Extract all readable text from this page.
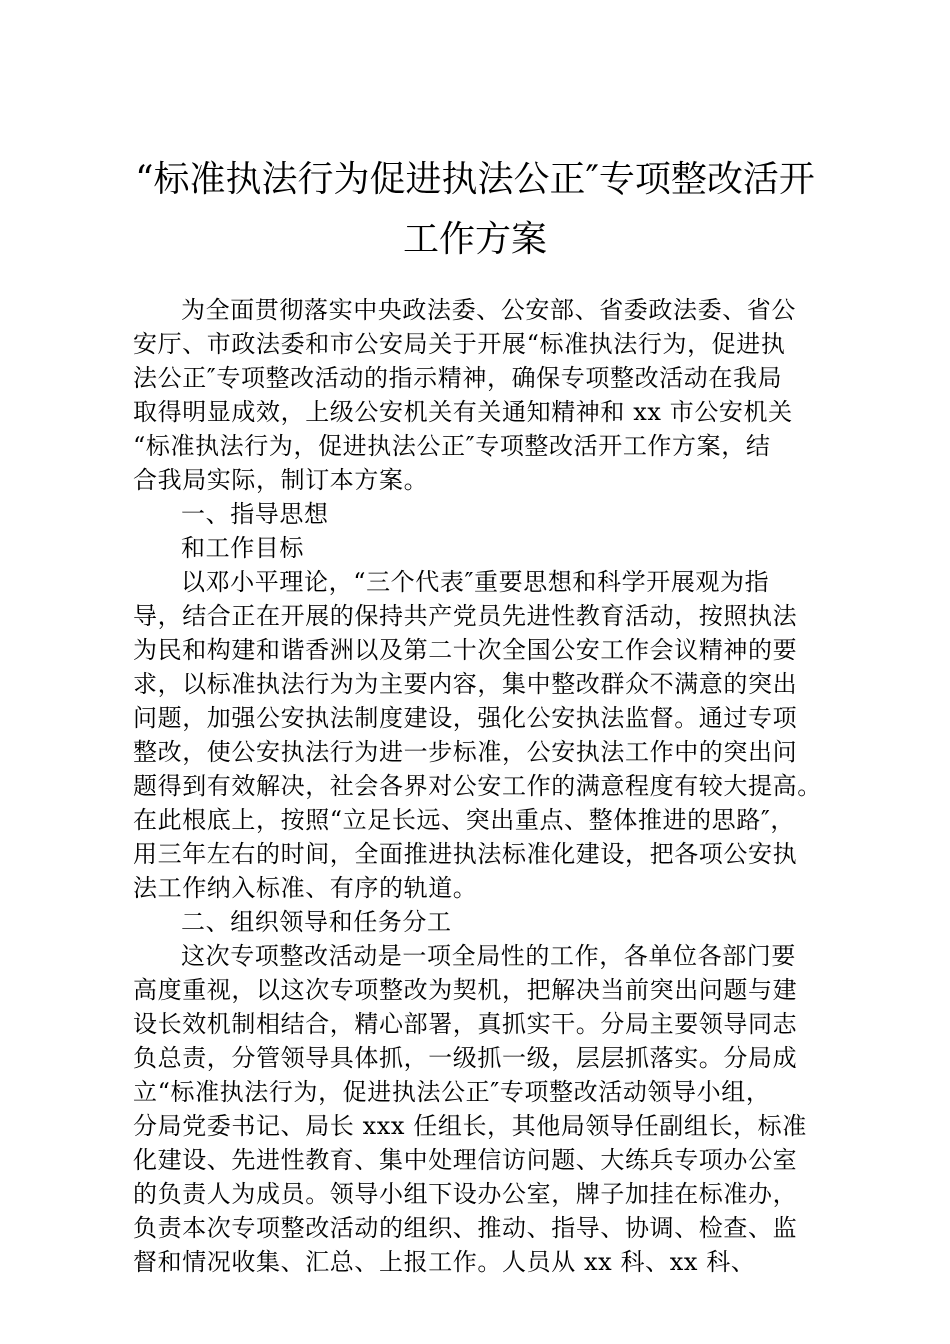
“标准执法行为促进执法公正″专项整改活开
工作方案
为全面贯彻落实中央政法委、公安部、省委政法委、省公
安厅、市政法委和市公安局关于开展“标准执法行为，促进执
法公正″专项整改活动的指示精神，确保专项整改活动在我局
取得明显成效，上级公安机关有关通知精神和 xx 市公安机关
“标准执法行为，促进执法公正″专项整改活开工作方案，结
合我局实际，制订本方案。
一、指导思想
和工作目标
以邓小平理论，“三个代表″重要思想和科学开展观为指
导，结合正在开展的保持共产党员先进性教育活动，按照执法
为民和构建和谐香洲以及第二十次全国公安工作会议精神的要
求，以标准执法行为为主要内容，集中整改群众不满意的突出
问题，加强公安执法制度建设，强化公安执法监督。通过专项
整改，使公安执法行为进一步标准，公安执法工作中的突出问
题得到有效解决，社会各界对公安工作的满意程度有较大提高。
在此根底上，按照“立足长远、突出重点、整体推进的思路″，
用三年左右的时间，全面推进执法标准化建设，把各项公安执
法工作纳入标准、有序的轨道。
二、组织领导和任务分工
这次专项整改活动是一项全局性的工作，各单位各部门要
高度重视，以这次专项整改为契机，把解决当前突出问题与建
设长效机制相结合，精心部署，真抓实干。分局主要领导同志
负总责，分管领导具体抓，一级抓一级，层层抓落实。分局成
立“标准执法行为，促进执法公正″专项整改活动领导小组，
分局党委书记、局长 xxx 任组长，其他局领导任副组长，标准
化建设、先进性教育、集中处理信访问题、大练兵专项办公室
的负责人为成员。领导小组下设办公室，牌子加挂在标准办，
负责本次专项整改活动的组织、推动、指导、协调、检查、监
督和情况收集、汇总、上报工作。人员从 xx 科、xx 科、
